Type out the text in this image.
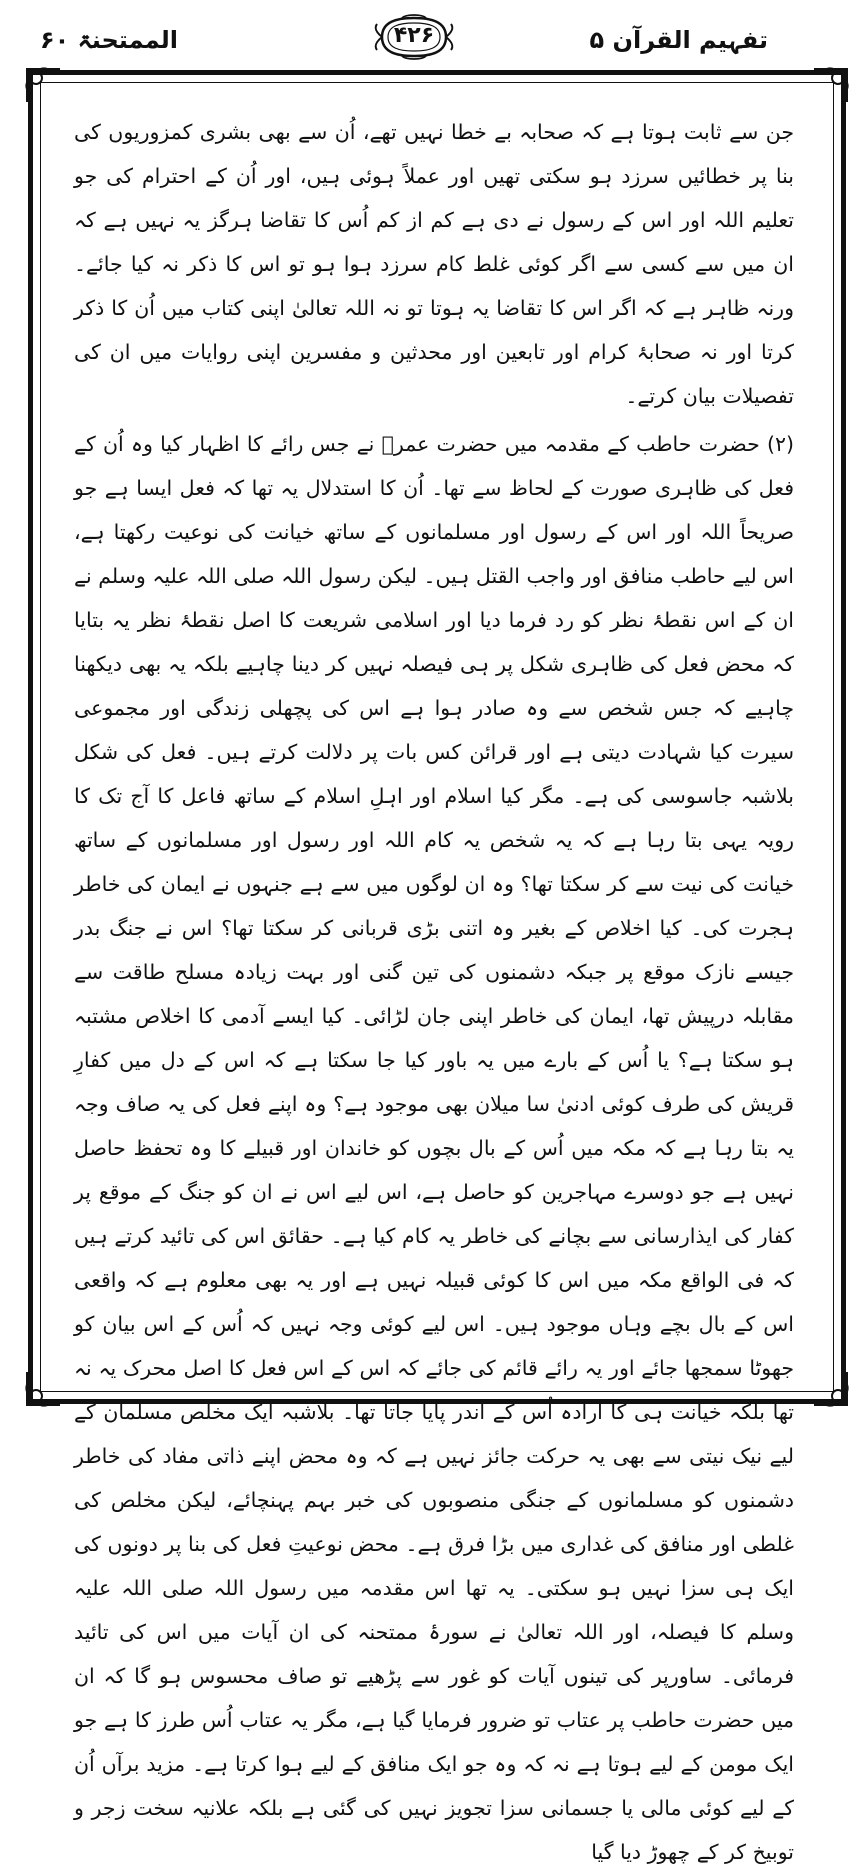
الممتحنۃ ۶۰	۴۲۶	تفہیم القرآن ۵

جن سے ثابت ہوتا ہے کہ صحابہ بے خطا نہیں تھے، اُن سے بھی بشری کمزوریوں کی بنا پر خطائیں سرزد ہو سکتی تھیں اور عملاً ہوئی ہیں، اور اُن کے احترام کی جو تعلیم اللہ اور اس کے رسول نے دی ہے کم از کم اُس کا تقاضا ہرگز یہ نہیں ہے کہ ان میں سے کسی سے اگر کوئی غلط کام سرزد ہوا ہو تو اس کا ذکر نہ کیا جائے۔ ورنہ ظاہر ہے کہ اگر اس کا تقاضا یہ ہوتا تو نہ اللہ تعالیٰ اپنی کتاب میں اُن کا ذکر کرتا اور نہ صحابۂ کرام اور تابعین اور محدثین و مفسرین اپنی روایات میں ان کی تفصیلات بیان کرتے۔

(۲) حضرت حاطب کے مقدمہ میں حضرت عمرؓ نے جس رائے کا اظہار کیا وہ اُن کے فعل کی ظاہری صورت کے لحاظ سے تھا۔ اُن کا استدلال یہ تھا کہ فعل ایسا ہے جو صریحاً اللہ اور اس کے رسول اور مسلمانوں کے ساتھ خیانت کی نوعیت رکھتا ہے، اس لیے حاطب منافق اور واجب القتل ہیں۔ لیکن رسول اللہ صلی اللہ علیہ وسلم نے ان کے اس نقطۂ نظر کو رد فرما دیا اور اسلامی شریعت کا اصل نقطۂ نظر یہ بتایا کہ محض فعل کی ظاہری شکل پر ہی فیصلہ نہیں کر دینا چاہیے بلکہ یہ بھی دیکھنا چاہیے کہ جس شخص سے وہ صادر ہوا ہے اس کی پچھلی زندگی اور مجموعی سیرت کیا شہادت دیتی ہے اور قرائن کس بات پر دلالت کرتے ہیں۔ فعل کی شکل بلاشبہ جاسوسی کی ہے۔ مگر کیا اسلام اور اہلِ اسلام کے ساتھ فاعل کا آج تک کا رویہ یہی بتا رہا ہے کہ یہ شخص یہ کام اللہ اور رسول اور مسلمانوں کے ساتھ خیانت کی نیت سے کر سکتا تھا؟ وہ ان لوگوں میں سے ہے جنہوں نے ایمان کی خاطر ہجرت کی۔ کیا اخلاص کے بغیر وہ اتنی بڑی قربانی کر سکتا تھا؟ اس نے جنگ بدر جیسے نازک موقع پر جبکہ دشمنوں کی تین گنی اور بہت زیادہ مسلح طاقت سے مقابلہ درپیش تھا، ایمان کی خاطر اپنی جان لڑائی۔ کیا ایسے آدمی کا اخلاص مشتبہ ہو سکتا ہے؟ یا اُس کے بارے میں یہ باور کیا جا سکتا ہے کہ اس کے دل میں کفارِ قریش کی طرف کوئی ادنیٰ سا میلان بھی موجود ہے؟ وہ اپنے فعل کی یہ صاف وجہ یہ بتا رہا ہے کہ مکہ میں اُس کے بال بچوں کو خاندان اور قبیلے کا وہ تحفظ حاصل نہیں ہے جو دوسرے مہاجرین کو حاصل ہے، اس لیے اس نے ان کو جنگ کے موقع پر کفار کی ایذارسانی سے بچانے کی خاطر یہ کام کیا ہے۔ حقائق اس کی تائید کرتے ہیں کہ فی الواقع مکہ میں اس کا کوئی قبیلہ نہیں ہے اور یہ بھی معلوم ہے کہ واقعی اس کے بال بچے وہاں موجود ہیں۔ اس لیے کوئی وجہ نہیں کہ اُس کے اس بیان کو جھوٹا سمجھا جائے اور یہ رائے قائم کی جائے کہ اس کے اس فعل کا اصل محرک یہ نہ تھا بلکہ خیانت ہی کا ارادہ اُس کے اندر پایا جاتا تھا۔ بلاشبہ ایک مخلص مسلمان کے لیے نیک نیتی سے بھی یہ حرکت جائز نہیں ہے کہ وہ محض اپنے ذاتی مفاد کی خاطر دشمنوں کو مسلمانوں کے جنگی منصوبوں کی خبر بہم پہنچائے، لیکن مخلص کی غلطی اور منافق کی غداری میں بڑا فرق ہے۔ محض نوعیتِ فعل کی بنا پر دونوں کی ایک ہی سزا نہیں ہو سکتی۔ یہ تھا اس مقدمہ میں رسول اللہ صلی اللہ علیہ وسلم کا فیصلہ، اور اللہ تعالیٰ نے سورۂ ممتحنہ کی ان آیات میں اس کی تائید فرمائی۔ ساورپر کی تینوں آیات کو غور سے پڑھیے تو صاف محسوس ہو گا کہ ان میں حضرت حاطب پر عتاب تو ضرور فرمایا گیا ہے، مگر یہ عتاب اُس طرز کا ہے جو ایک مومن کے لیے ہوتا ہے نہ کہ وہ جو ایک منافق کے لیے ہوا کرتا ہے۔ مزید برآں اُن کے لیے کوئی مالی یا جسمانی سزا تجویز نہیں کی گئی ہے بلکہ علانیہ سخت زجر و توبیخ کر کے چھوڑ دیا گیا
